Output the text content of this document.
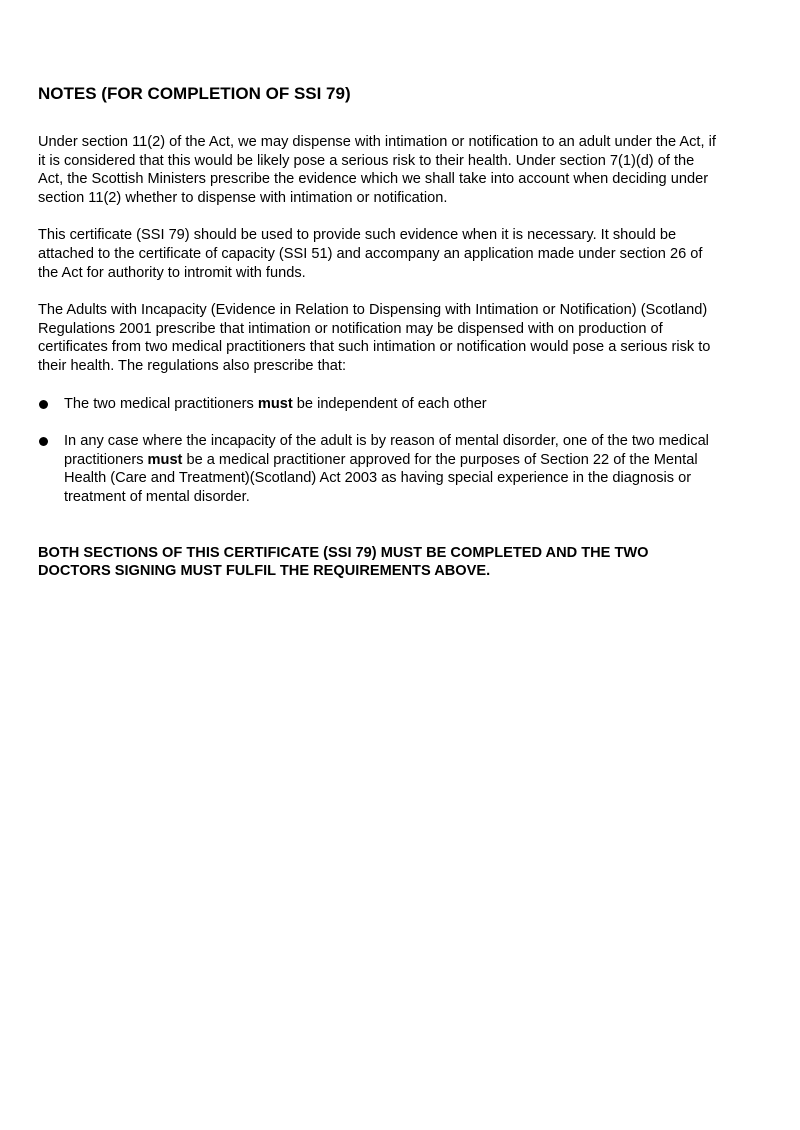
NOTES (FOR COMPLETION OF SSI 79)

Under section 11(2) of the Act, we may dispense with intimation or notification to an adult under the Act, if it is considered that this would be likely pose a serious risk to their health. Under section 7(1)(d) of the Act, the Scottish Ministers prescribe the evidence which we shall take into account when deciding under section 11(2) whether to dispense with intimation or notification.

This certificate (SSI 79) should be used to provide such evidence when it is necessary. It should be attached to the certificate of capacity (SSI 51) and accompany an application made under section 26 of the Act for authority to intromit with funds.

The Adults with Incapacity (Evidence in Relation to Dispensing with Intimation or Notification) (Scotland) Regulations 2001 prescribe that intimation or notification may be dispensed with on production of certificates from two medical practitioners that such intimation or notification would pose a serious risk to their health. The regulations also prescribe that:

The two medical practitioners must be independent of each other
In any case where the incapacity of the adult is by reason of mental disorder, one of the two medical practitioners must be a medical practitioner approved for the purposes of Section 22 of the Mental Health (Care and Treatment)(Scotland) Act 2003 as having special experience in the diagnosis or treatment of mental disorder.

BOTH SECTIONS OF THIS CERTIFICATE (SSI 79) MUST BE COMPLETED AND THE TWO DOCTORS SIGNING MUST FULFIL THE REQUIREMENTS ABOVE.
